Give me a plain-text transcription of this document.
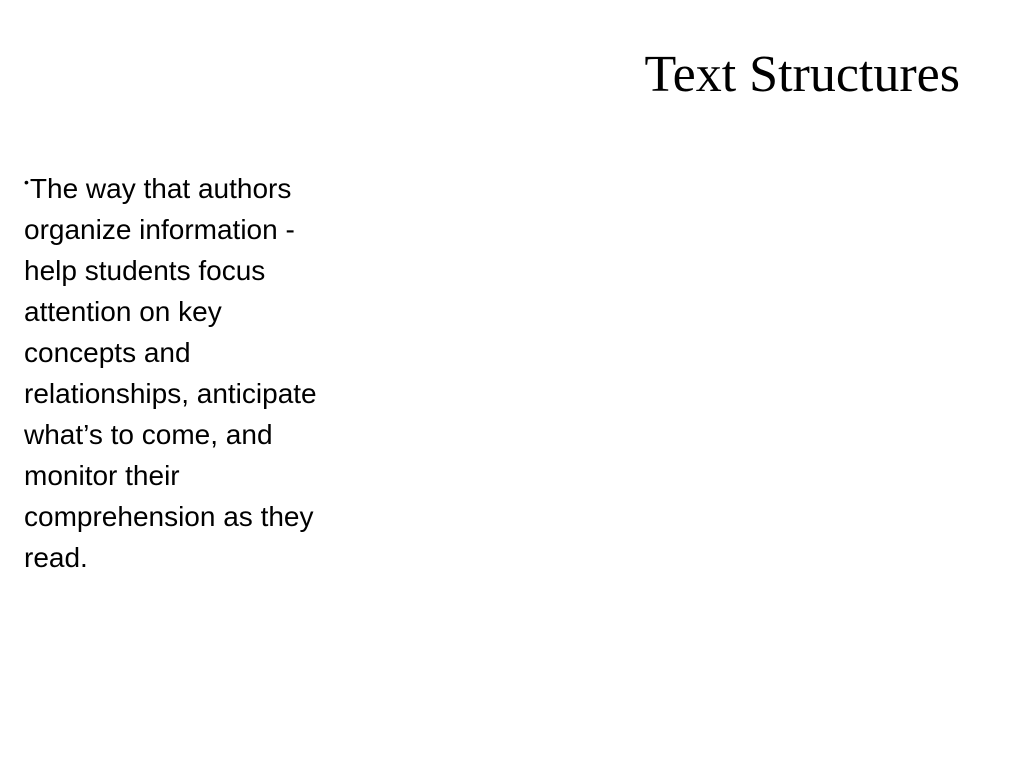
Text Structures
•The way that authors organize information - help students focus attention on key concepts and relationships, anticipate what’s to come, and monitor their comprehension as they read.
